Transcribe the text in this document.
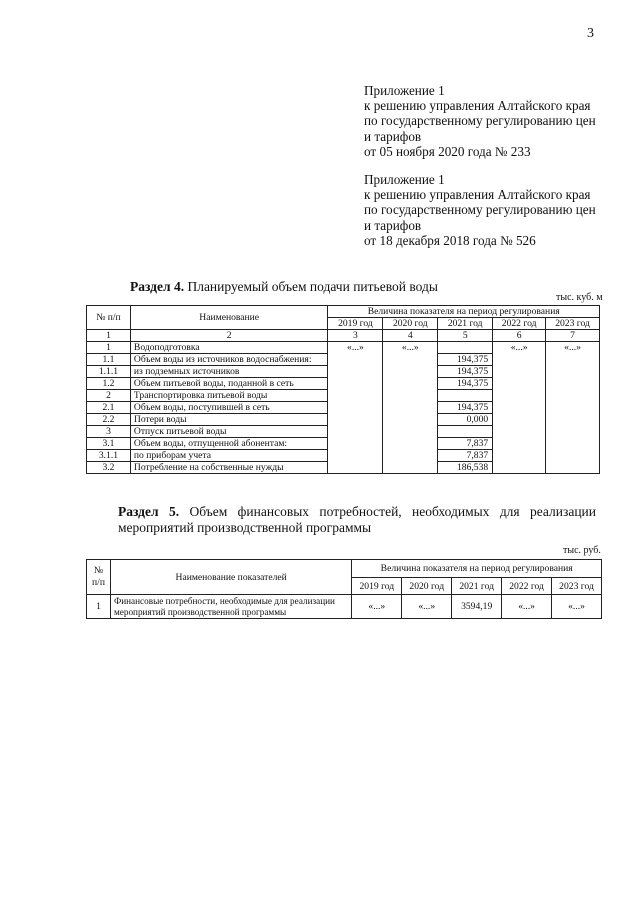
3
Приложение 1
к решению управления Алтайского края
по государственному регулированию цен
и тарифов
от 05 ноября 2020 года № 233
Приложение 1
к решению управления Алтайского края
по государственному регулированию цен
и тарифов
от 18 декабря 2018 года № 526
Раздел 4. Планируемый объем подачи питьевой воды
тыс. куб. м
№ п/п	Наименование	Величина показателя на период регулирования				
		2019 год	2020 год	2021 год	2022 год	2023 год
1	2	3	4	5	6	7
1	Водоподготовка	«...»	«...»		«...»	«...»
1.1	Объем воды из источников водоснабжения:			194,375		
1.1.1	из подземных источников			194,375		
1.2	Объем питьевой воды, поданной в сеть			194,375		
2	Транспортировка питьевой воды					
2.1	Объем воды, поступившей в сеть			194,375		
2.2	Потери воды			0,000		
3	Отпуск питьевой воды					
3.1	Объем воды, отпущенной абонентам:			7,837		
3.1.1	по приборам учета			7,837		
3.2	Потребление на собственные нужды			186,538		
Раздел 5. Объем финансовых потребностей, необходимых для реализации
мероприятий производственной программы
тыс. руб.
№ п/п	Наименование показателей	Величина показателя на период регулирования				
		2019 год	2020 год	2021 год	2022 год	2023 год
1	Финансовые потребности, необходимые для реализации мероприятий производственной программы	«...»	«...»	3594,19	«...»	«...»
